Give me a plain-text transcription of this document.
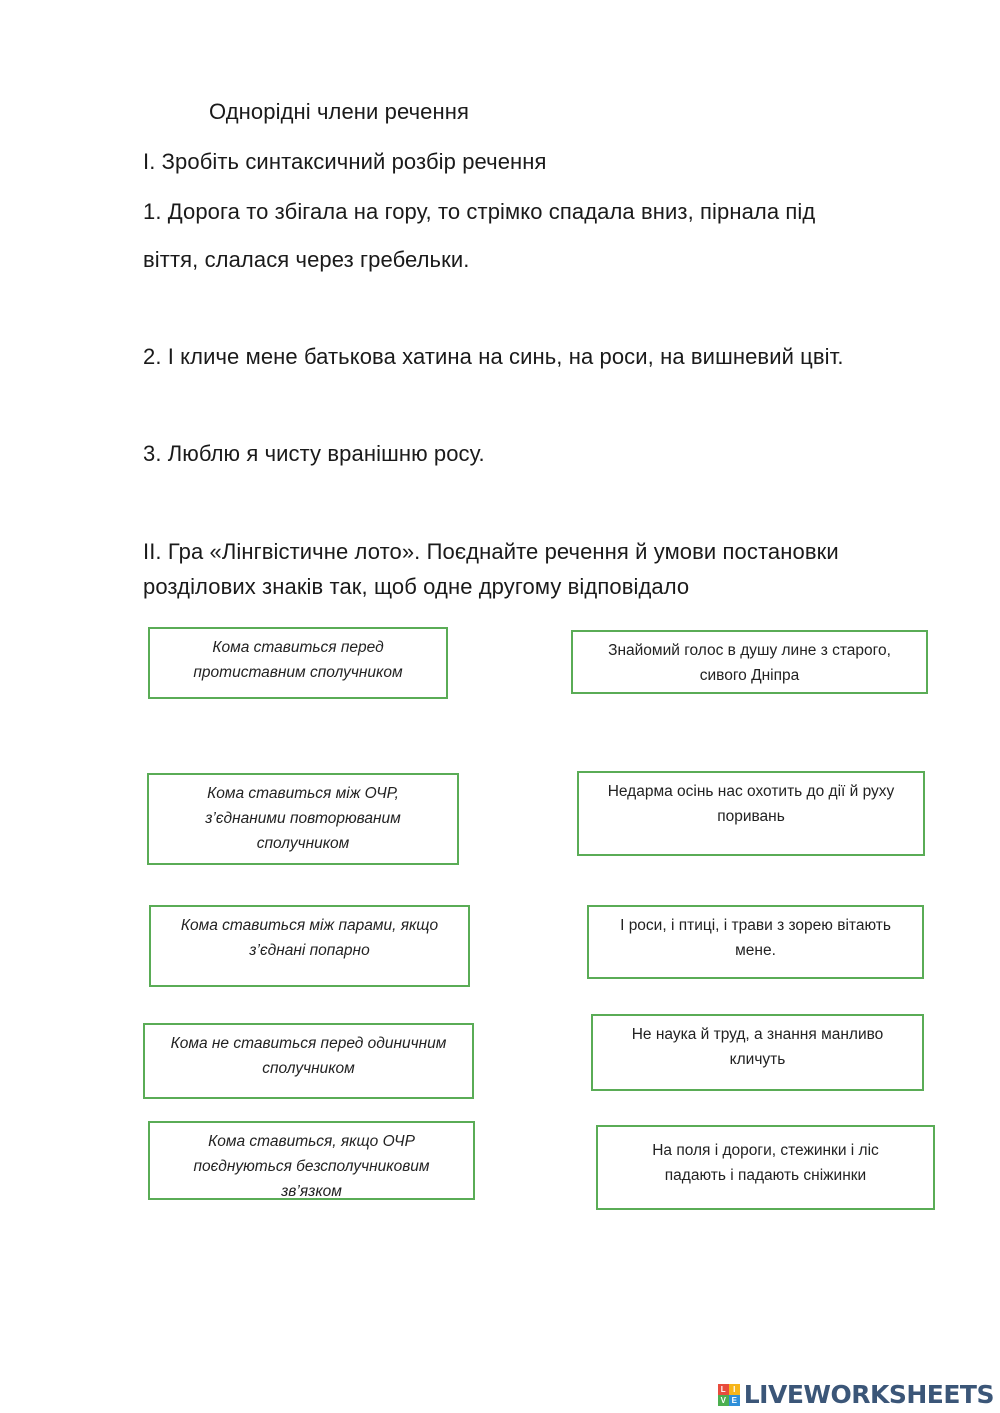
Однорідні члени речення
І. Зробіть синтаксичний розбір речення
1. Дорога то збігала на гору, то стрімко спадала вниз, пірнала під
віття, слалася через гребельки.
2. І кличе мене батькова хатина на синь, на роси, на вишневий цвіт.
3. Люблю я чисту вранішню росу.
ІІ. Гра «Лінгвістичне лото». Поєднайте речення й умови постановки
розділових знаків так, щоб одне другому відповідало
Кома ставиться перед
протиставним сполучником
Кома ставиться між ОЧР,
з’єднаними повторюваним
сполучником
Кома ставиться між парами, якщо
з’єднані попарно
Кома не ставиться перед одиничним
сполучником
Кома ставиться, якщо ОЧР
поєднуються безсполучниковим
зв’язком
Знайомий голос в душу лине з старого,
сивого Дніпра
Недарма осінь нас охотить до дії й руху
поривань
І роси, і птиці, і трави з зорею вітають
мене.
Не наука й труд, а знання манливо
кличуть
На поля і дороги, стежинки і ліс
падають і падають сніжинки
L I
V E LIVEWORKSHEETS
